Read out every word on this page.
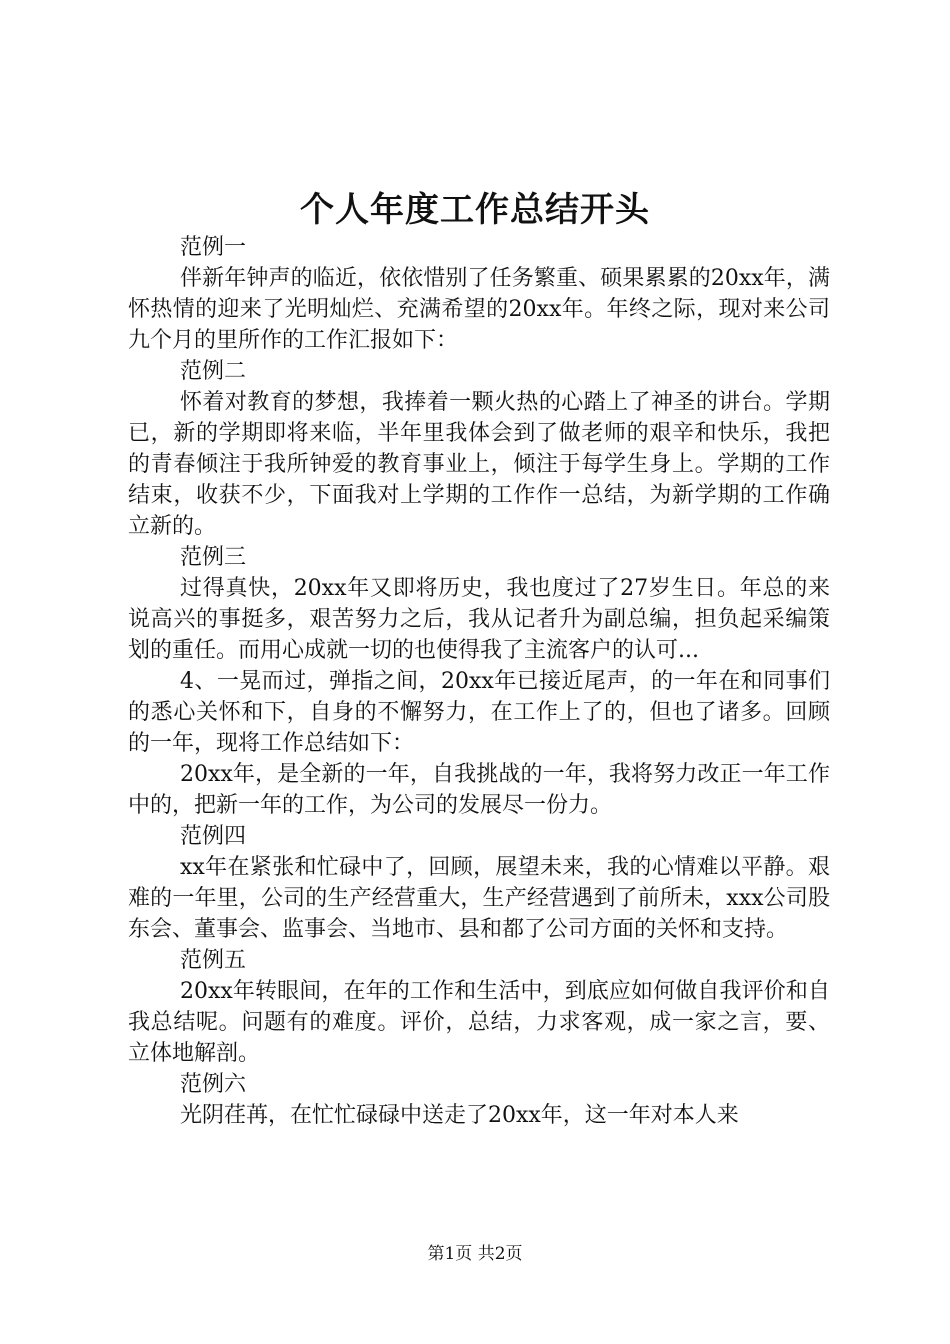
个人年度工作总结开头

范例一

伴新年钟声的临近，依依惜别了任务繁重、硕果累累的20xx年，满怀热情的迎来了光明灿烂、充满希望的20xx年。年终之际，现对来公司九个月的里所作的工作汇报如下：

范例二

怀着对教育的梦想，我捧着一颗火热的心踏上了神圣的讲台。学期已，新的学期即将来临，半年里我体会到了做老师的艰辛和快乐，我把的青春倾注于我所钟爱的教育事业上，倾注于每学生身上。学期的工作结束，收获不少，下面我对上学期的工作作一总结，为新学期的工作确立新的。

范例三

过得真快，20xx年又即将历史，我也度过了27岁生日。年总的来说高兴的事挺多，艰苦努力之后，我从记者升为副总编，担负起采编策划的重任。而用心成就一切的也使得我了主流客户的认可...

4、一晃而过，弹指之间，20xx年已接近尾声，的一年在和同事们的悉心关怀和下，自身的不懈努力，在工作上了的，但也了诸多。回顾的一年，现将工作总结如下：

20xx年，是全新的一年，自我挑战的一年，我将努力改正一年工作中的，把新一年的工作，为公司的发展尽一份力。

范例四

xx年在紧张和忙碌中了，回顾，展望未来，我的心情难以平静。艰难的一年里，公司的生产经营重大，生产经营遇到了前所未，xxx公司股东会、董事会、监事会、当地市、县和都了公司方面的关怀和支持。

范例五

20xx年转眼间，在年的工作和生活中，到底应如何做自我评价和自我总结呢。问题有的难度。评价，总结，力求客观，成一家之言，要、立体地解剖。

范例六

光阴荏苒，在忙忙碌碌中送走了20xx年，这一年对本人来

第1页 共2页
